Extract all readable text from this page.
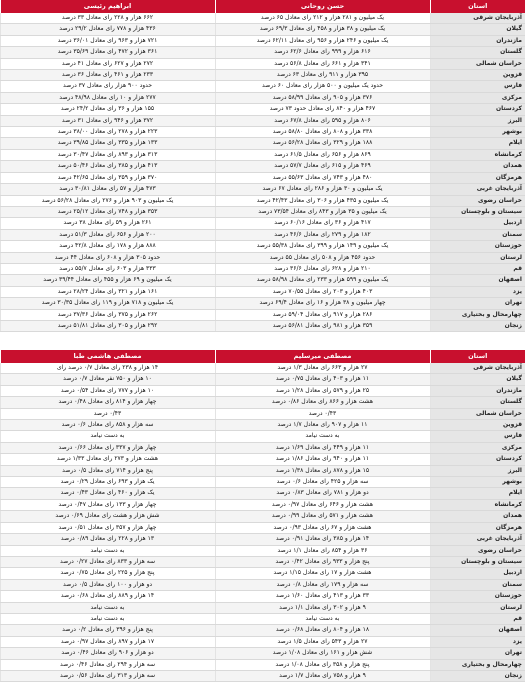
استان	حسن روحانی	ابراهیم رئیسی
آذربایجان شرقی	یک میلیون و ۲۸۱ هزار و ۲۱۲ رای معادل ۶۵ درصد	۶۶۲ هزار و ۲۲۸ رای معادل ۳۳ درصد
گیلان	یک میلیون و ۳۸ هزار و ۴۵۸ رای معادل ۶۹/۳ درصد	۴۳۶ هزار و ۷۷۸ رای معادل ۲۹/۲ درصد
مازندران	یک میلیون و ۲۴۶ هزار و ۹۵۶ رای معادل ۶۲/۱۱ درصد	۷۲۱ هزار و ۹۶۳ رای معادل ۳۶/۰۱ درصد
گلستان	۶۱۶ هزار و ۹۹۹ رای معادل ۶۲/۶ درصد	۳۶۱ هزار و ۴۷۲ رای معادل ۳۵/۶۹ درصد
خراسان شمالی	۳۴۱ هزار و ۶۶۱ رای معادل ۵۶/۸ درصد	۲۷۲ هزار و ۶۲۷ رای معادل ۴۱ درصد
قزوین	۳۹۵ هزار و ۹۱۱ رای معادل ۶۳ درصد	۲۳۳ هزار و ۴۶۱ رای معادل ۳۶ درصد
فارس	حدود یک میلیون و ۵۰۰ هزار رای معادل ۶۰ درصد	حدود ۹۰۰ هزار رای معادل ۳۷ درصد
مرکزی	۳۷۶ هزار و ۹۰۵ رای معادل ۵۸/۹۹ درصد	۲۷۷ هزار و ۱۰ رای معادل ۴۸/۹۸ درصد
کردستان	۴۶۷ هزار و ۸۴۰ رای معادل حدود ۷۳ درصد	۱۵۵ هزار و ۳۶ رای معادل ۲۴/۲ درصد
البرز	۸۰۶ هزار و ۵۹۵ رای معادل ۶۷/۸ درصد	۳۷۲ هزار و ۹۴۶ رای معادل ۳۱ درصد
بوشهر	۳۳۸ هزار و ۸۰۸ رای معادل ۵۸/۸۰ درصد	۲۲۳ هزار و ۲۷۸ رای معادل ۳۸/۰۰ درصد
ایلام	۱۸۸ هزار و ۳۲۹ رای معادل ۵۶/۲۸ درصد	۱۳۳ هزار و ۳۳۵ رای معادل ۳۹/۸۵ درصد
کرمانشاه	۸۶۹ هزار و ۶۵۶ رای معادل ۶۱/۵ درصد	۳۱۳ هزار و ۸۹۳ رای معادل ۳۰/۴۷ درصد
همدان	۴۶۹ هزار و ۶۱۵ رای معادل ۵۷/۷ درصد	۴۱۳ هزار و ۳۸۵ رای معادل ۵۰/۴۶ درصد
هرمزگان	۴۸۰ هزار و ۷۴۳ رای معادل ۵۵/۶۳ درصد	۳۷۰ هزار و ۳۵۹ رای معادل ۴۲/۶۵ درصد
آذربایجان غربی	یک میلیون و ۳۰ هزار و ۲۸۶ رای معادل ۶۷ درصد	۴۷۳ هزار و ۵۷ رای معادل ۳۰/۸۱ درصد
خراسان رضوی	یک میلیون و ۴۳۵ هزار و ۳۰۶ رای معادل ۴۲/۴۳ درصد	یک میلیون و ۹۰۳ هزار و ۲۷۶ رای معادل ۵۶/۲۸ درصد
سیستان و بلوچستان	یک میلیون و ۳۵ هزار و ۸۴۳ رای معادل ۷۳/۵۴ درصد	۳۵۳ هزار و ۷۴۸ رای معادل ۲۵/۱۲ درصد
اردبیل	۴۱۷ هزار و ۳۶ رای معادل ۶۰/۱۶ درصد	۲۶۱ هزار و ۵۹ رای معادل ۳۸ درصد
سمنان	۱۸۲ هزار و ۲۷۹ رای معادل ۴۶/۶ درصد	۲۰۰ هزار و ۶۵۶ رای معادل ۵۱/۳ درصد
خوزستان	یک میلیون و ۱۴۹ هزار و ۳۹۹ رای معادل ۵۵/۳۸ درصد	۸۸۸ هزار و ۱۷۸ رای معادل ۴۲/۸ درصد
لرستان	حدود ۴۵۶ هزار و ۵۰۸ رای معادل ۵۵ درصد	حدود ۳۰۵ هزار و ۶۰۸ رای معادل ۴۴ درصد
قم	۲۱۰ هزار و ۶۲۸ رای معادل ۳۶/۶ درصد	۳۳۳ هزار و ۶۰۳ رای معادل ۵۵/۷ درصد
اصفهان	یک میلیون و ۵۹۹ هزار و ۲۳۳ رای معادل ۵۸/۹۸ درصد	یک میلیون و ۶۹ هزار و ۴۵۵ رای معادل ۳۹/۴۴ درصد
یزد	۴۰۳ هزار و ۲۰۳ رای معادل ۷۰/۵۵ درصد	۱۶۱ هزار و ۳۲۱ رای معادل ۲۸/۲۴ درصد
تهران	چهار میلیون و ۳۸ هزار و ۱۶ رای معادل ۶۹/۴ درصد	یک میلیون و ۷۱۸ هزار و ۱۱۹ رای معادل ۳۰/۳۵ درصد
چهارمحال و بختیاری	۲۸۶ هزار و ۹۱۷ رای معادل ۵۹/۰۴ درصد	۲۶۲ هزار و ۳۷۵ رای معادل ۳۷/۳۶ درصد
زنجان	۳۵۹ هزار و ۹۸۱ رای معادل ۵۶/۸۱ درصد	۲۹۲ هزار و ۳۰۵ رای معادل ۵۱/۸۱ درصد
استان	مصطفی میرسلیم	مصطفی هاشمی طبا
آذربایجان شرقی	۲۷ هزار و ۶۶۳ رای معادل ۱/۳ درصد	۱۴ هزار و ۲۳۸ رای معادل ۰/۷ درصد رای
گیلان	۱۱ هزار و ۴۰۳ رای معادل ۰/۷۵ درصد	۱۰ هزار و ۷۵۰ نفر معادل ۰/۷ درصد
مازندران	۲۵ هزار و ۵۷۹ رای معادل ۱/۲۸ درصد	۱۰ هزار و ۷۷۷ رای معادل ۰/۵۴ درصد
گلستان	هشت هزار و ۸۶۶ رای معادل ۰/۸۶ درصد	چهار هزار و ۸۱۴ رای معادل ۰/۴۸ درصد
خراسان شمالی	۰/۴۳ درصد	۰/۴۳ درصد
قزوین	۱۱ هزار و ۹۰۷ رای معادل ۱/۷ درصد	سه هزار و ۸۵۸ رای معادل ۰/۶ درصد
فارس	به دست نیامد	به دست نیامد
مرکزی	۱۱ هزار و ۴۴۹ رای معادل ۱/۶۹ درصد	چهار هزار و ۳۳۷ رای معادل ۰/۶۶ درصد
کردستان	۱۱ هزار و ۹۴۰ رای معادل ۱/۸۶ درصد	هشت هزار و ۲۷۳ رای معادل ۱/۳۳ درصد
البرز	۱۵ هزار و ۸۷۸ رای معادل ۱/۳۸ درصد	پنج هزار و ۷۱۴ رای معادل ۰/۵ درصد
بوشهر	سه هزار و ۴۲۵ رای معادل ۰/۶ درصد	یک هزار و ۶۹۳ رای معادل ۰/۲۹ درصد
ایلام	دو هزار و ۷۸۱ رای معادل ۰/۸۳ درصد	یک هزار و ۴۶۰ رای معادل ۰/۴۳ درصد
کرمانشاه	هشت هزار و ۶۴۶ رای معادل ۰/۹۷ درصد	چهار هزار و ۱۳۳ رای معادل ۰/۴۷ درصد
همدان	هشت هزار و ۵۷۱ رای معادل ۰/۹۹ درصد	شش هزار و هشت رای معادل ۰/۶۹ درصد
هرمزگان	هشت هزار و ۶۷ رای معادل ۰/۹۳ درصد	چهار هزار و ۳۵۷ رای معادل ۰/۵۱ درصد
آذربایجان غربی	۱۴ هزار و ۳۸۵ رای معادل ۰/۹۱ درصد	۱۳ هزار و ۲۲۸ رای معادل ۰/۸۹ درصد
خراسان رضوی	۳۶ هزار و ۸۵۴ رای معادل ۱/۱ درصد	به دست نیامد
سیستان و بلوچستان	پنج هزار و ۹۳۳ رای معادل ۰/۴۲ درصد	سه هزار و ۸۳۳ رای معادل ۰/۲۷ درصد
اردبیل	هشت هزار و ۱۷ رای معادل ۱/۱۵ درصد	پنج هزار و ۲۲۵ رای معادل ۰/۷۵ درصد
سمنان	سه هزار و ۱۷۹ رای معادل ۰/۸ درصد	دو هزار و ۱۰۰ رای معادل ۰/۵ درصد
خوزستان	۳۳ هزار و ۴۱۳ رای معادل ۱/۶۰ درصد	۱۴ هزار و ۸۸۹ رای معادل ۰/۶۸ درصد
لرستان	۹ هزار و ۳۰۲ رای معادل ۱/۱ درصد	به دست نیامد
قم	به دست نیامد	به دست نیامد
اصفهان	۱۸ هزار و ۸۰۴ رای معادل ۰/۶۸ درصد	پنج هزار و ۳۹۶ رای معادل ۰/۲ درصد
یزد	۲۷ هزار و ۵۴۳ رای معادل ۱/۵ درصد	۱۷ هزار و ۸۹۷ رای معادل ۰/۹۷ درصد
تهران	شش هزار و ۱۶۱ رای معادل ۱/۰۸ درصد	دو هزار و ۹۰۶ رای معادل ۰/۴۶ درصد
چهارمحال و بختیاری	پنج هزار و ۳۵۸ رای معادل ۱/۰۸ درصد	سه هزار و ۲۹۴ رای معادل ۰/۴۶ درصد
زنجان	۹ هزار و ۷۵۸ رای معادل ۱/۷ درصد	سه هزار و ۳۱۳ رای معادل ۰/۵۶ درصد
